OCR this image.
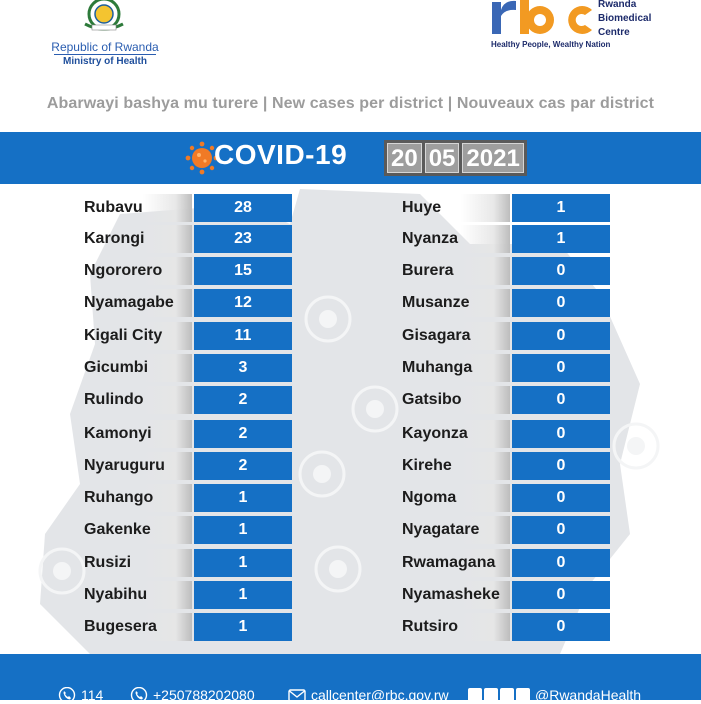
Republic of Rwanda
Ministry of Health
Rwanda
Biomedical
Centre
Healthy People, Wealthy Nation
Abarwayi bashya mu turere | New cases per district | Nouveaux cas par district
COVID-19 20 05 2021
Rubavu	28
Karongi	23
Ngororero	15
Nyamagabe	12
Kigali City	11
Gicumbi	3
Rulindo	2
Kamonyi	2
Nyaruguru	2
Ruhango	1
Gakenke	1
Rusizi	1
Nyabihu	1
Bugesera	1
Huye	1
Nyanza	1
Burera	0
Musanze	0
Gisagara	0
Muhanga	0
Gatsibo	0
Kayonza	0
Kirehe	0
Ngoma	0
Nyagatare	0
Rwamagana	0
Nyamasheke	0
Rutsiro	0
114	+250788202080	callcenter@rbc.gov.rw	@RwandaHealth
